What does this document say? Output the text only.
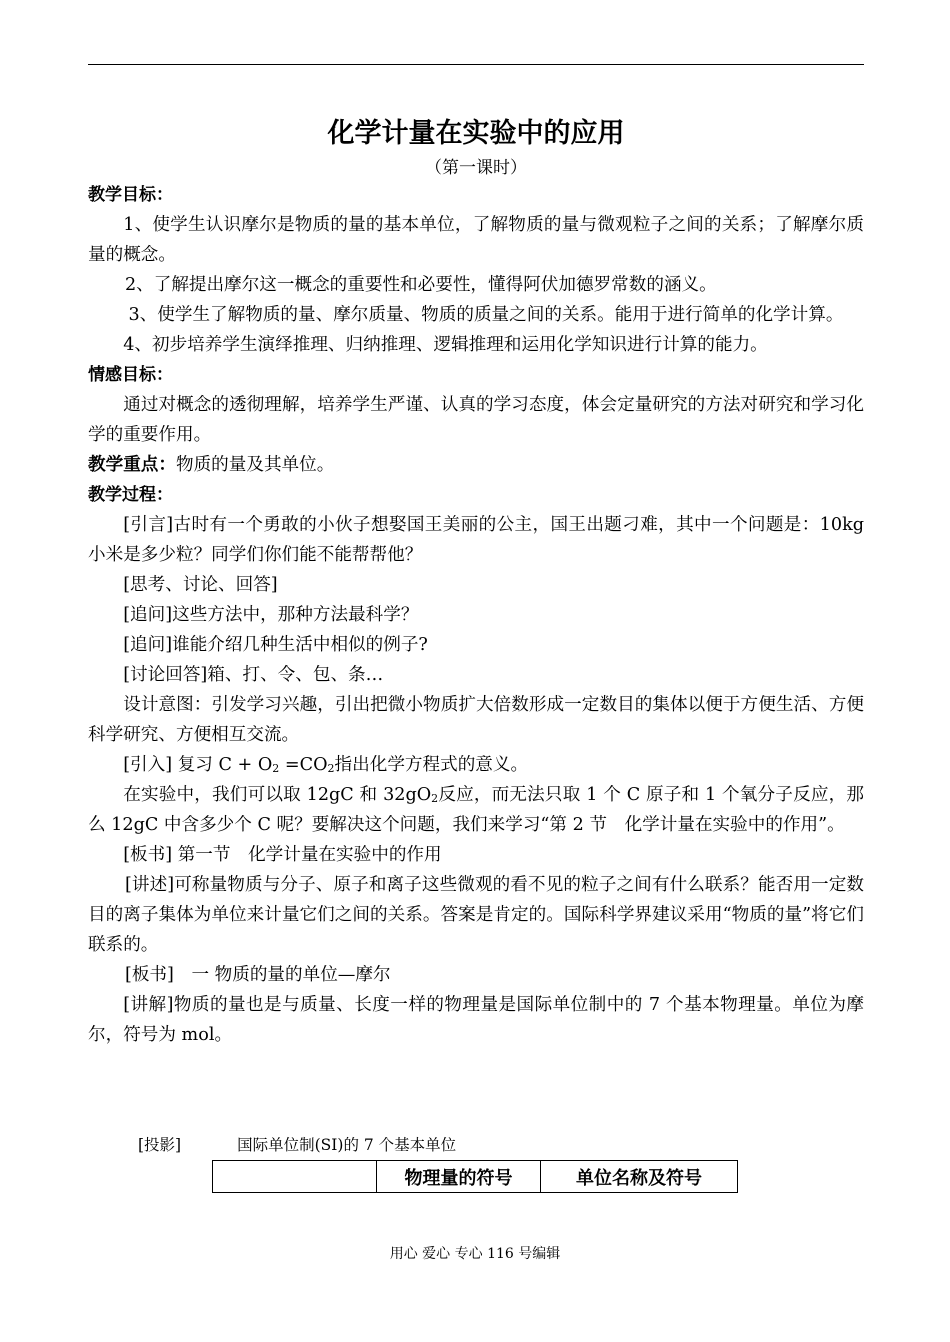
化学计量在实验中的应用
（第一课时）

教学目标：

1、使学生认识摩尔是物质的量的基本单位，了解物质的量与微观粒子之间的关系；了解摩尔质量的概念。

2、了解提出摩尔这一概念的重要性和必要性，懂得阿伏加德罗常数的涵义。

3、使学生了解物质的量、摩尔质量、物质的质量之间的关系。能用于进行简单的化学计算。

4、初步培养学生演绎推理、归纳推理、逻辑推理和运用化学知识进行计算的能力。

情感目标：

通过对概念的透彻理解，培养学生严谨、认真的学习态度，体会定量研究的方法对研究和学习化学的重要作用。

教学重点：物质的量及其单位。

教学过程：

[引言]古时有一个勇敢的小伙子想娶国王美丽的公主，国王出题刁难，其中一个问题是：10kg 小米是多少粒？同学们你们能不能帮帮他？

[思考、讨论、回答]

[追问]这些方法中，那种方法最科学？

[追问]谁能介绍几种生活中相似的例子?

[讨论回答]箱、打、令、包、条…

设计意图：引发学习兴趣，引出把微小物质扩大倍数形成一定数目的集体以便于方便生活、方便科学研究、方便相互交流。

[引入] 复习 $C + O_2 =CO_2$指出化学方程式的意义。

在实验中，我们可以取 12gC 和 $32gO_2$反应，而无法只取 1 个 C 原子和 1 个氧分子反应，那么 12gC 中含多少个 C 呢？要解决这个问题，我们来学习“第 2 节　化学计量在实验中的作用”。

[板书] 第一节　化学计量在实验中的作用

[讲述]可称量物质与分子、原子和离子这些微观的看不见的粒子之间有什么联系？能否用一定数目的离子集体为单位来计量它们之间的关系。答案是肯定的。国际科学界建议采用“物质的量”将它们联系的。

[板书]　一 物质的量的单位—摩尔

[讲解]物质的量也是与质量、长度一样的物理量是国际单位制中的 7 个基本物理量。单位为摩尔，符号为 mol。

[投影]	国际单位制(SI)的 7 个基本单位
	物理量的符号	单位名称及符号
用心 爱心 专心 116 号编辑
